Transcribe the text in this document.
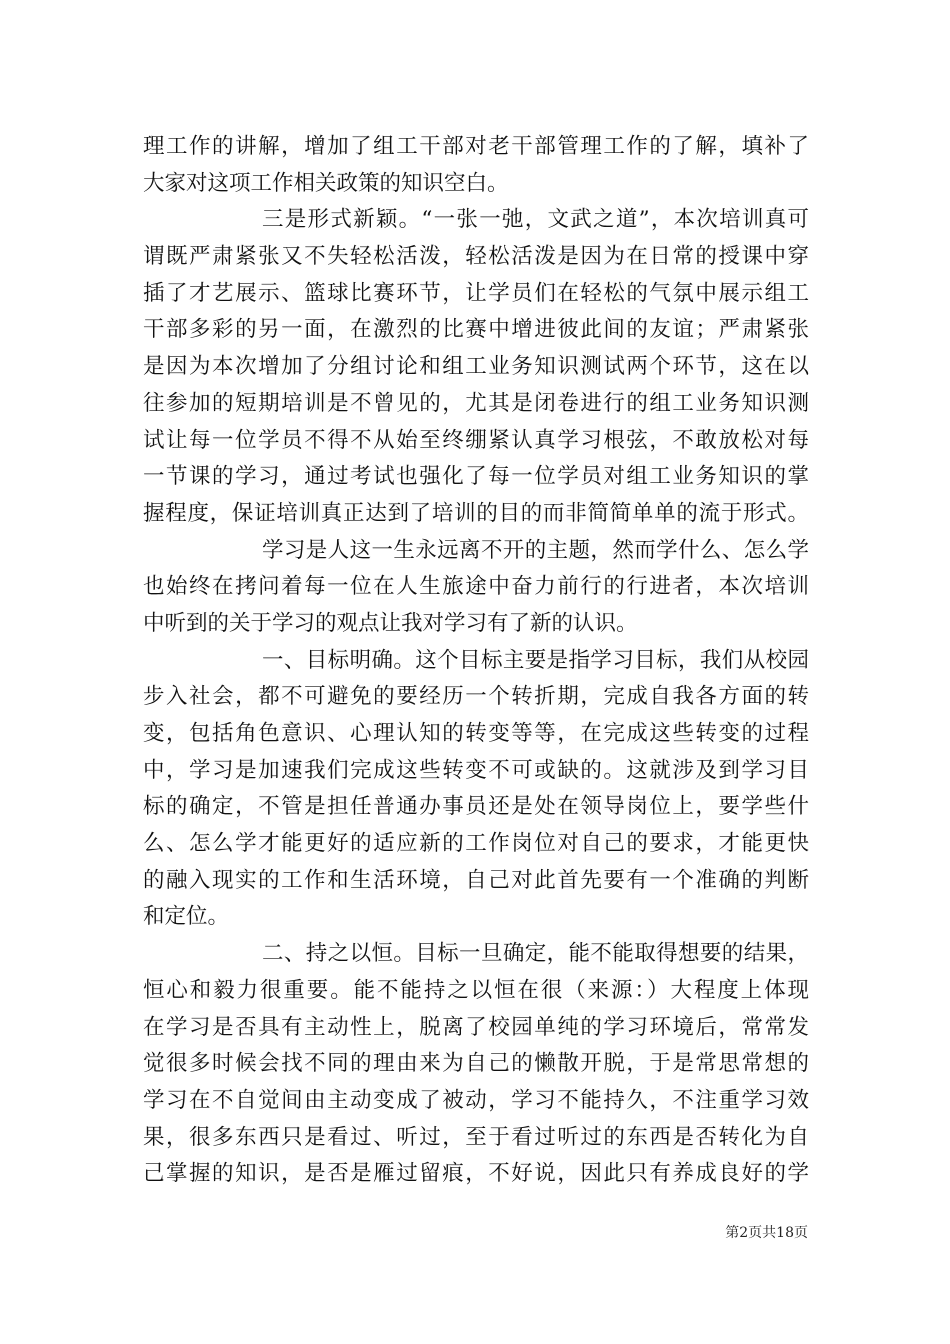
理工作的讲解，增加了组工干部对老干部管理工作的了解，填补了
大家对这项工作相关政策的知识空白。
三是形式新颖。“一张一弛，文武之道”，本次培训真可
谓既严肃紧张又不失轻松活泼，轻松活泼是因为在日常的授课中穿
插了才艺展示、篮球比赛环节，让学员们在轻松的气氛中展示组工
干部多彩的另一面，在激烈的比赛中增进彼此间的友谊；严肃紧张
是因为本次增加了分组讨论和组工业务知识测试两个环节，这在以
往参加的短期培训是不曾见的，尤其是闭卷进行的组工业务知识测
试让每一位学员不得不从始至终绷紧认真学习根弦，不敢放松对每
一节课的学习，通过考试也强化了每一位学员对组工业务知识的掌
握程度，保证培训真正达到了培训的目的而非简简单单的流于形式。
学习是人这一生永远离不开的主题，然而学什么、怎么学
也始终在拷问着每一位在人生旅途中奋力前行的行进者，本次培训
中听到的关于学习的观点让我对学习有了新的认识。
一、目标明确。这个目标主要是指学习目标，我们从校园
步入社会，都不可避免的要经历一个转折期，完成自我各方面的转
变，包括角色意识、心理认知的转变等等，在完成这些转变的过程
中，学习是加速我们完成这些转变不可或缺的。这就涉及到学习目
标的确定，不管是担任普通办事员还是处在领导岗位上，要学些什
么、怎么学才能更好的适应新的工作岗位对自己的要求，才能更快
的融入现实的工作和生活环境，自己对此首先要有一个准确的判断
和定位。
二、持之以恒。目标一旦确定，能不能取得想要的结果，
恒心和毅力很重要。能不能持之以恒在很（来源：）大程度上体现
在学习是否具有主动性上，脱离了校园单纯的学习环境后，常常发
觉很多时候会找不同的理由来为自己的懒散开脱，于是常思常想的
学习在不自觉间由主动变成了被动，学习不能持久，不注重学习效
果，很多东西只是看过、听过，至于看过听过的东西是否转化为自
己掌握的知识，是否是雁过留痕，不好说，因此只有养成良好的学
第2页共18页
